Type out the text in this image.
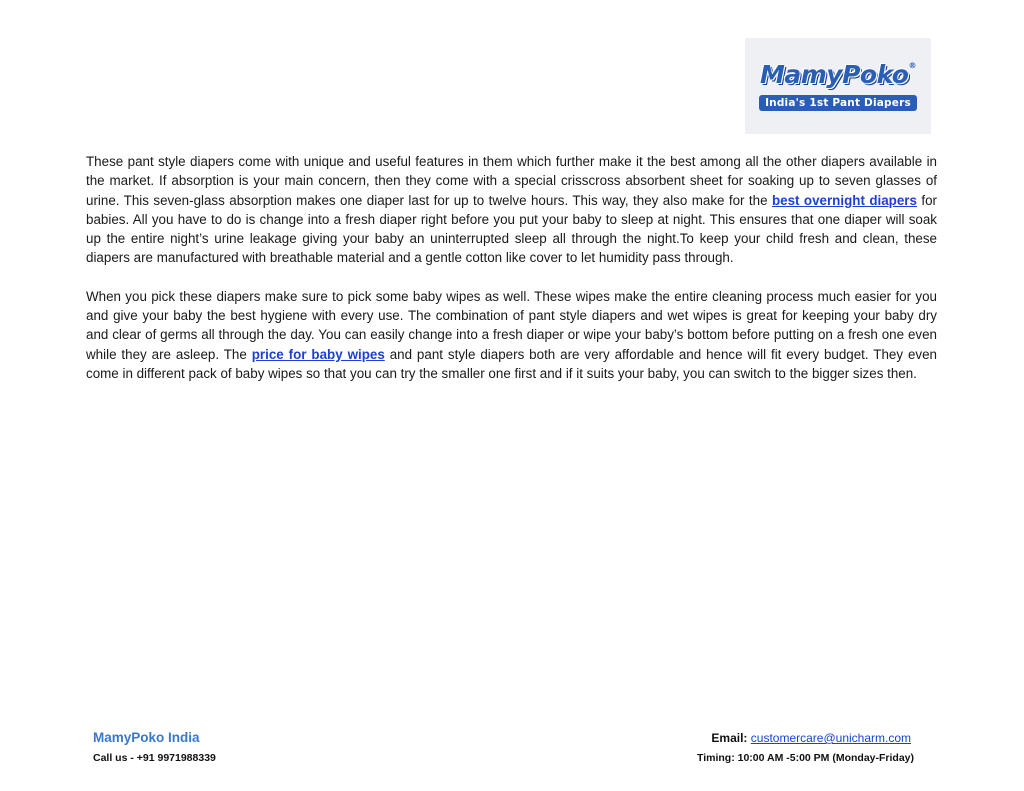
MamyPoko®
India's 1st Pant Diapers

These pant style diapers come with unique and useful features in them which further make it the best among all the other diapers available in the market. If absorption is your main concern, then they come with a special crisscross absorbent sheet for soaking up to seven glasses of urine. This seven-glass absorption makes one diaper last for up to twelve hours. This way, they also make for the best overnight diapers for babies. All you have to do is change into a fresh diaper right before you put your baby to sleep at night. This ensures that one diaper will soak up the entire night’s urine leakage giving your baby an uninterrupted sleep all through the night.To keep your child fresh and clean, these diapers are manufactured with breathable material and a gentle cotton like cover to let humidity pass through.

When you pick these diapers make sure to pick some baby wipes as well. These wipes make the entire cleaning process much easier for you and give your baby the best hygiene with every use. The combination of pant style diapers and wet wipes is great for keeping your baby dry and clear of germs all through the day. You can easily change into a fresh diaper or wipe your baby’s bottom before putting on a fresh one even while they are asleep. The price for baby wipes and pant style diapers both are very affordable and hence will fit every budget. They even come in different pack of baby wipes so that you can try the smaller one first and if it suits your baby, you can switch to the bigger sizes then.

MamyPoko India
Call us - +91 9971988339
Email: customercare@unicharm.com
Timing: 10:00 AM -5:00 PM (Monday-Friday)
